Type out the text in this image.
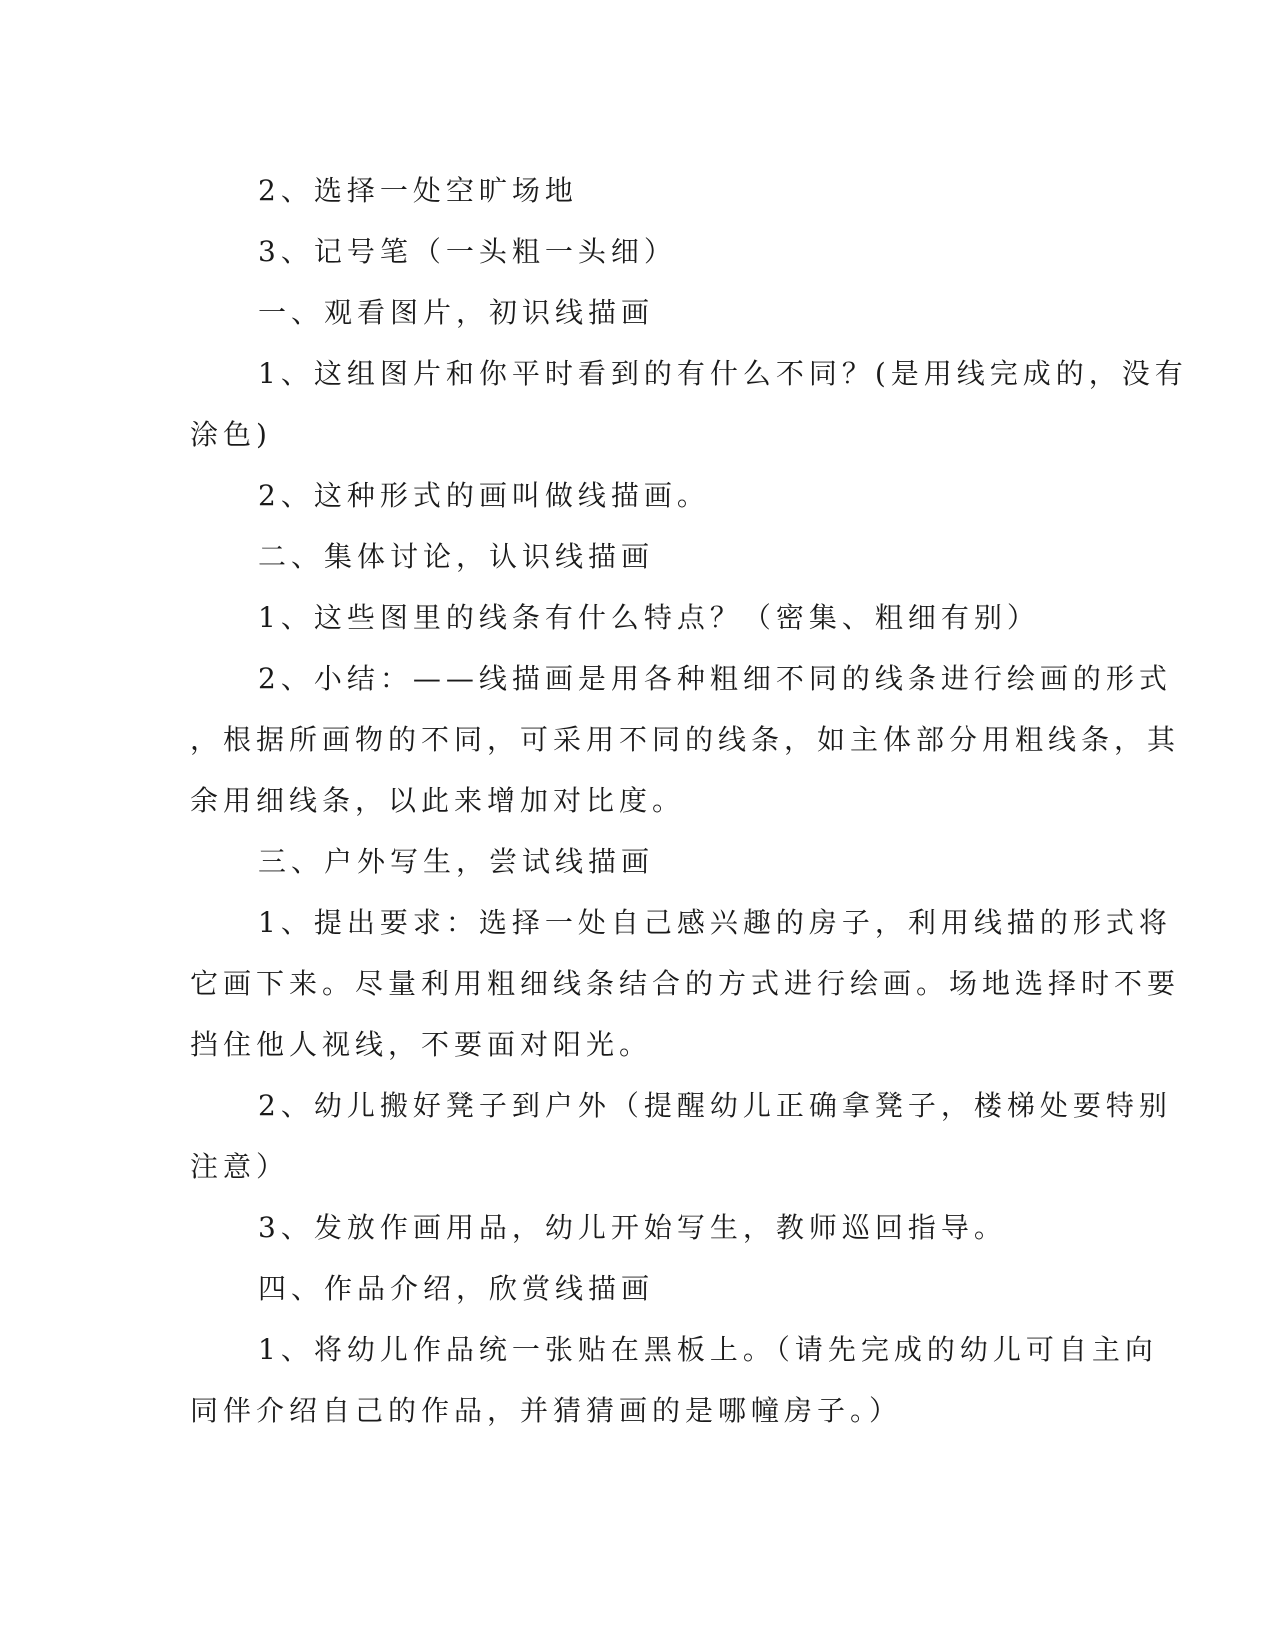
2、选择一处空旷场地

3、记号笔（一头粗一头细）

一、观看图片，初识线描画

1、这组图片和你平时看到的有什么不同？(是用线完成的，没有
涂色)

2、这种形式的画叫做线描画。

二、集体讨论，认识线描画

1、这些图里的线条有什么特点？（密集、粗细有别）

2、小结：——线描画是用各种粗细不同的线条进行绘画的形式
，根据所画物的不同，可采用不同的线条，如主体部分用粗线条，其
余用细线条，以此来增加对比度。

三、户外写生，尝试线描画

1、提出要求：选择一处自己感兴趣的房子，利用线描的形式将
它画下来。尽量利用粗细线条结合的方式进行绘画。场地选择时不要
挡住他人视线，不要面对阳光。

2、幼儿搬好凳子到户外（提醒幼儿正确拿凳子，楼梯处要特别
注意）

3、发放作画用品，幼儿开始写生，教师巡回指导。

四、作品介绍，欣赏线描画

1、将幼儿作品统一张贴在黑板上。（请先完成的幼儿可自主向
同伴介绍自己的作品，并猜猜画的是哪幢房子。）
